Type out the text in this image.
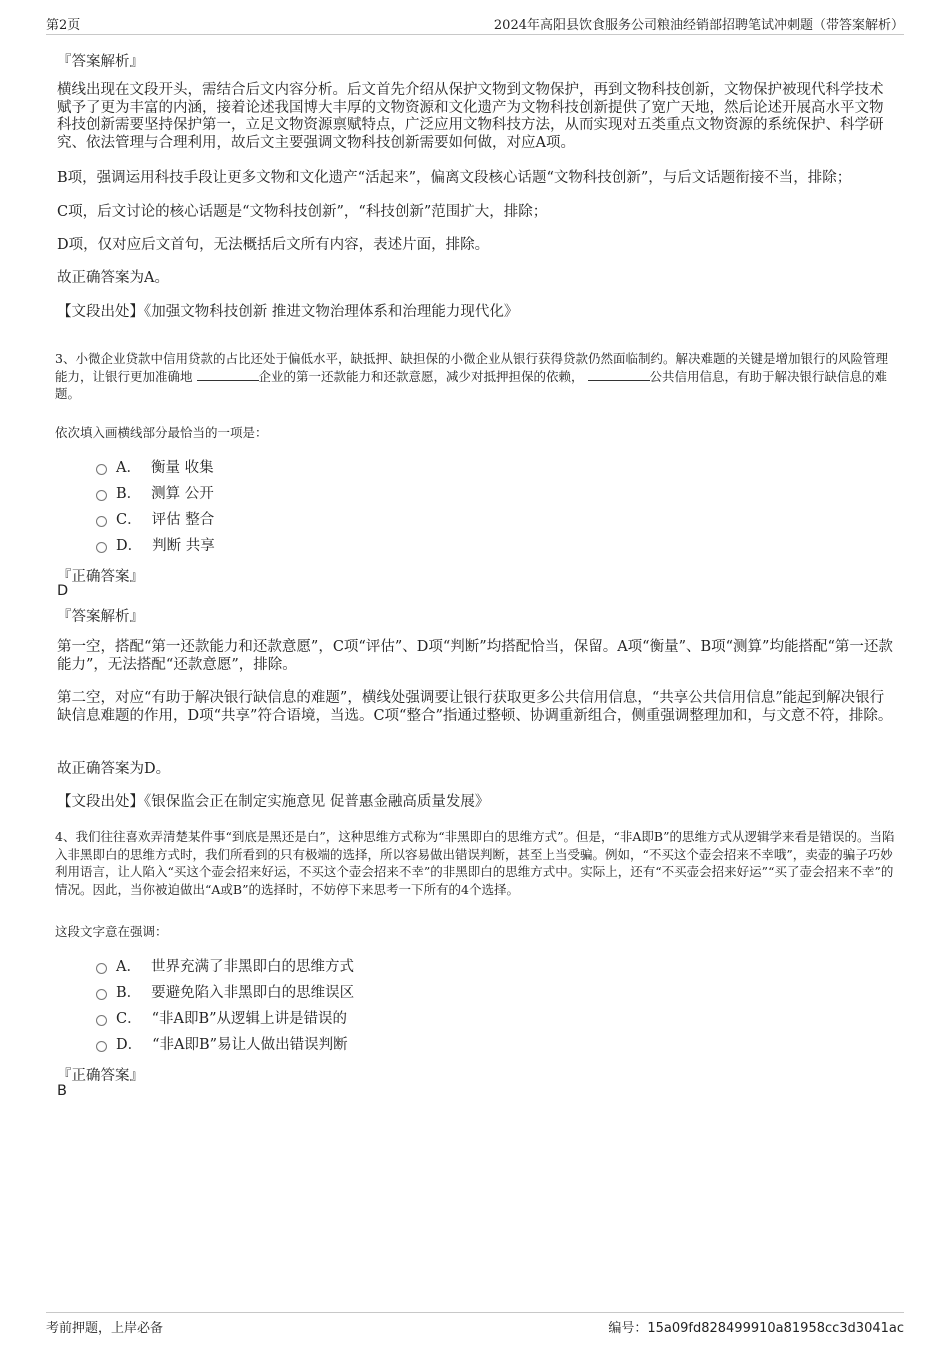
第2页	2024年高阳县饮食服务公司粮油经销部招聘笔试冲刺题（带答案解析）
『答案解析』

横线出现在文段开头，需结合后文内容分析。后文首先介绍从保护文物到文物保护，再到文物科技创新，文物保护被现代科学技术赋予了更为丰富的内涵，接着论述我国博大丰厚的文物资源和文化遗产为文物科技创新提供了宽广天地，然后论述开展高水平文物科技创新需要坚持保护第一，立足文物资源禀赋特点，广泛应用文物科技方法，从而实现对五类重点文物资源的系统保护、科学研究、依法管理与合理利用，故后文主要强调文物科技创新需要如何做，对应A项。

B项，强调运用科技手段让更多文物和文化遗产“活起来”，偏离文段核心话题“文物科技创新”，与后文话题衔接不当，排除；

C项，后文讨论的核心话题是“文物科技创新”，“科技创新”范围扩大，排除；

D项，仅对应后文首句，无法概括后文所有内容，表述片面，排除。

故正确答案为A。

【文段出处】《加强文物科技创新 推进文物治理体系和治理能力现代化》

3、小微企业贷款中信用贷款的占比还处于偏低水平，缺抵押、缺担保的小微企业从银行获得贷款仍然面临制约。解决难题的关键是增加银行的风险管理能力，让银行更加准确地	企业的第一还款能力和还款意愿，减少对抵押担保的依赖，	公共信用信息，有助于解决银行缺信息的难题。

依次填入画横线部分最恰当的一项是：

A． 衡量 收集
B． 测算 公开
C． 评估 整合
D． 判断 共享
『正确答案』
D
『答案解析』

第一空，搭配“第一还款能力和还款意愿”，C项“评估”、D项“判断”均搭配恰当，保留。A项“衡量”、B项“测算”均能搭配“第一还款能力”，无法搭配“还款意愿”，排除。

第二空，对应“有助于解决银行缺信息的难题”，横线处强调要让银行获取更多公共信用信息，“共享公共信用信息”能起到解决银行缺信息难题的作用，D项“共享”符合语境，当选。C项“整合”指通过整顿、协调重新组合，侧重强调整理加和，与文意不符，排除。

故正确答案为D。

【文段出处】《银保监会正在制定实施意见 促普惠金融高质量发展》

4、我们往往喜欢弄清楚某件事“到底是黑还是白”，这种思维方式称为“非黑即白的思维方式”。但是，“非A即B”的思维方式从逻辑学来看是错误的。当陷入非黑即白的思维方式时，我们所看到的只有极端的选择，所以容易做出错误判断，甚至上当受骗。例如，“不买这个壶会招来不幸哦”，卖壶的骗子巧妙利用语言，让人陷入“买这个壶会招来好运，不买这个壶会招来不幸”的非黑即白的思维方式中。实际上，还有“不买壶会招来好运”“买了壶会招来不幸”的情况。因此，当你被迫做出“A或B”的选择时，不妨停下来思考一下所有的4个选择。

这段文字意在强调：

A． 世界充满了非黑即白的思维方式
B． 要避免陷入非黑即白的思维误区
C． “非A即B”从逻辑上讲是错误的
D． “非A即B”易让人做出错误判断
『正确答案』
B
考前押题，上岸必备	编号：15a09fd828499910a81958cc3d3041ac
